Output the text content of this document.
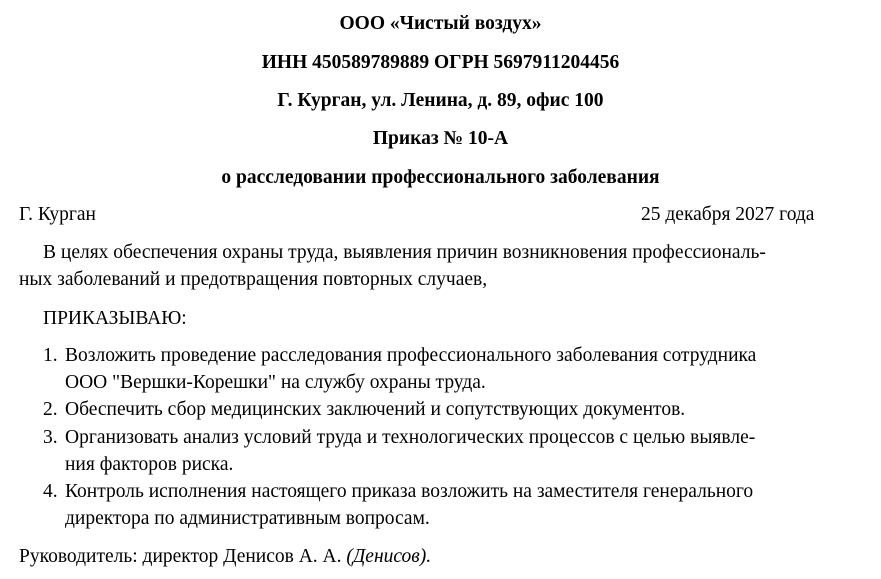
ООО «Чистый воздух»
ИНН 450589789889 ОГРН 5697911204456
Г. Курган, ул. Ленина, д. 89, офис 100
Приказ № 10-А
о расследовании профессионального заболевания
Г. Курган	25 декабря 2027 года
В целях обеспечения охраны труда, выявления причин возникновения профессиональ-
ных заболеваний и предотвращения повторных случаев,
ПРИКАЗЫВАЮ:
1. Возложить проведение расследования профессионального заболевания сотрудника
ООО "Вершки-Корешки" на службу охраны труда.
2. Обеспечить сбор медицинских заключений и сопутствующих документов.
3. Организовать анализ условий труда и технологических процессов с целью выявле-
ния факторов риска.
4. Контроль исполнения настоящего приказа возложить на заместителя генерального
директора по административным вопросам.
Руководитель: директор Денисов А. А. (Денисов).
